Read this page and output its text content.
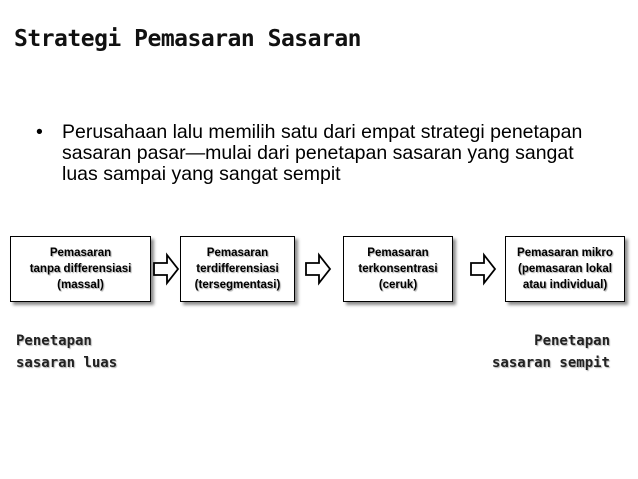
Strategi Pemasaran Sasaran
• Perusahaan lalu memilih satu dari empat strategi penetapan sasaran pasar—mulai dari penetapan sasaran yang sangat luas sampai yang sangat sempit
Pemasaran
tanpa differensiasi
(massal)
Pemasaran
terdifferensiasi
(tersegmentasi)
Pemasaran
terkonsentrasi
(ceruk)
Pemasaran mikro
(pemasaran lokal
atau individual)
Penetapan
sasaran luas
Penetapan
sasaran sempit
